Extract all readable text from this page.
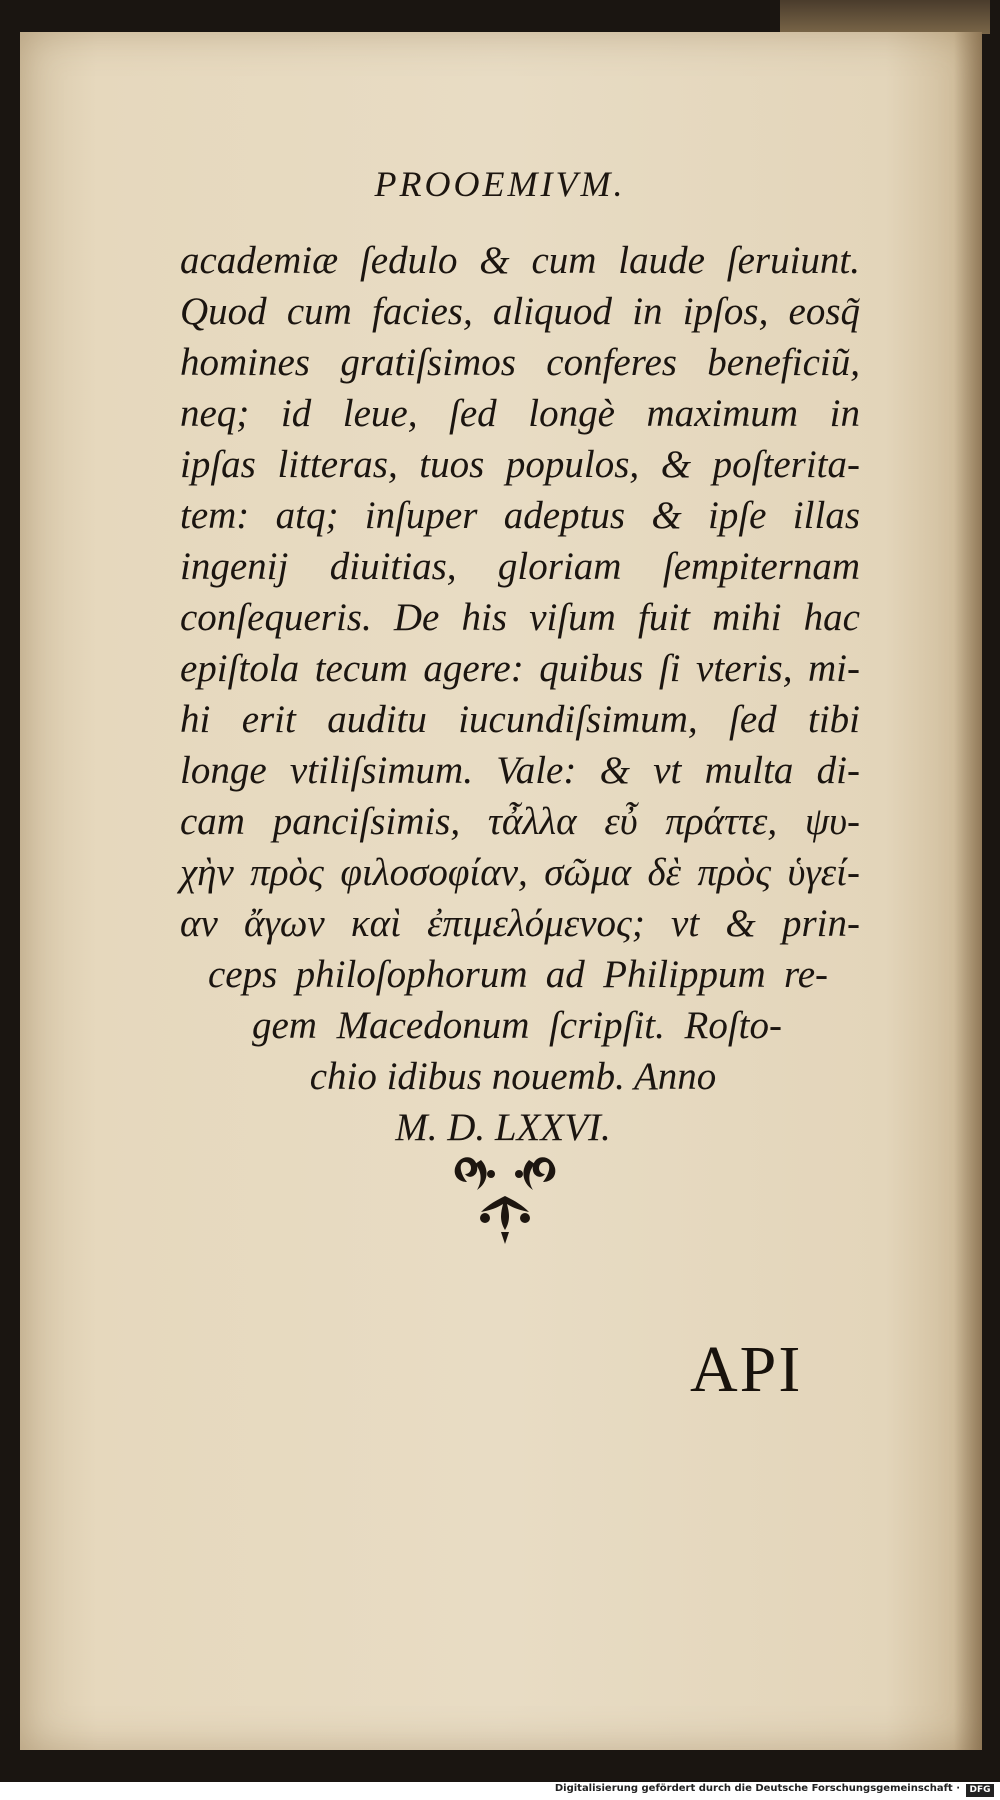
PROOEMIVM.
academiæ ſedulo & cum laude ſeruiunt.
Quod cum facies, aliquod in ipſos, eosq̃
homines gratiſsimos conferes beneficiũ,
neq; id leue, ſed longè maximum in
ipſas litteras, tuos populos, & poſterita-
tem: atq; inſuper adeptus & ipſe illas
ingenij diuitias, gloriam ſempiternam
conſequeris. De his viſum fuit mihi hac
epiſtola tecum agere: quibus ſi vteris, mi-
hi erit auditu iucundiſsimum, ſed tibi
longe vtiliſsimum. Vale: & vt multa di-
cam panciſsimis, τἆλλα εὖ πράττε, ψυ-
χὴν πρὸς φιλοσοφίαν, σῶμα δὲ πρὸς ὑγεί-
αν ἄγων καὶ ἐπιμελόμενος; vt & prin-
ceps philoſophorum ad Philippum re-
gem Macedonum ſcripſit. Roſto-
chio idibus nouemb. Anno
M. D. LXXVI.
API
Digitalisierung gefördert durch die Deutsche Forschungsgemeinschaft ·	DFG
